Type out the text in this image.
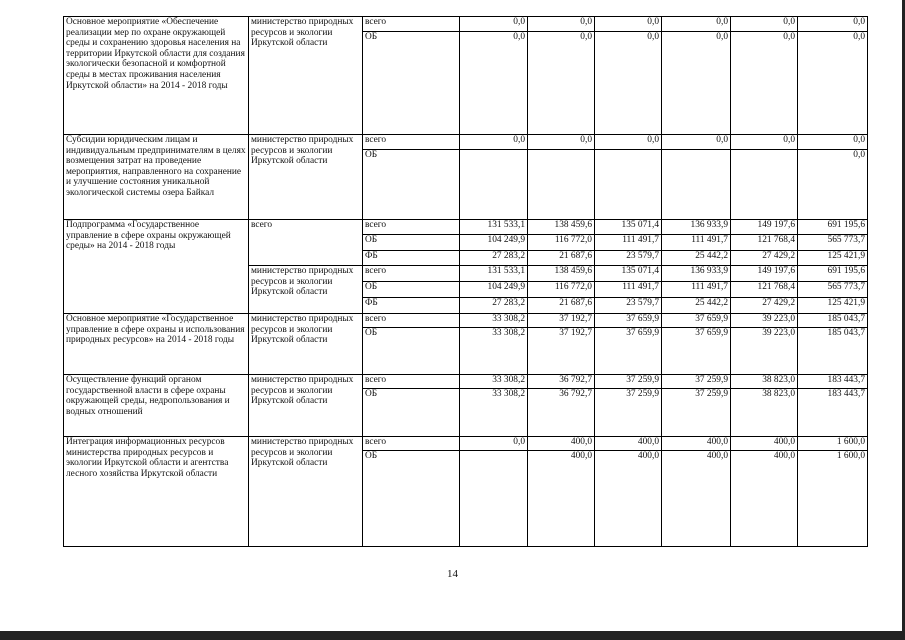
Основное мероприятие «Обеспечение реализации мер по охране окружающей среды и сохранению здоровья населения на территории Иркутской области для создания экологически безопасной и комфортной среды в местах проживания населения Иркутской области» на 2014 - 2018 годы	министерство природных ресурсов и экологии Иркутской области	всего	0,0	0,0	0,0	0,0	0,0	0,0
		ОБ	0,0	0,0	0,0	0,0	0,0	0,0
Субсидии юридическим лицам и индивидуальным предпринимателям в целях возмещения затрат на проведение мероприятия, направленного на сохранение и улучшение состояния уникальной экологической системы озера Байкал	министерство природных ресурсов и экологии Иркутской области	всего	0,0	0,0	0,0	0,0	0,0	0,0
		ОБ						0,0
Подпрограмма «Государственное управление в сфере охраны окружающей среды» на 2014 - 2018 годы	всего	всего	131 533,1	138 459,6	135 071,4	136 933,9	149 197,6	691 195,6
		ОБ	104 249,9	116 772,0	111 491,7	111 491,7	121 768,4	565 773,7
		ФБ	27 283,2	21 687,6	23 579,7	25 442,2	27 429,2	125 421,9
	министерство природных ресурсов и экологии Иркутской области	всего	131 533,1	138 459,6	135 071,4	136 933,9	149 197,6	691 195,6
		ОБ	104 249,9	116 772,0	111 491,7	111 491,7	121 768,4	565 773,7
		ФБ	27 283,2	21 687,6	23 579,7	25 442,2	27 429,2	125 421,9
Основное мероприятие «Государственное управление в сфере охраны и использования природных ресурсов» на 2014 - 2018 годы	министерство природных ресурсов и экологии Иркутской области	всего	33 308,2	37 192,7	37 659,9	37 659,9	39 223,0	185 043,7
		ОБ	33 308,2	37 192,7	37 659,9	37 659,9	39 223,0	185 043,7
Осуществление функций органом государственной власти в сфере охраны окружающей среды, недропользования и водных отношений	министерство природных ресурсов и экологии Иркутской области	всего	33 308,2	36 792,7	37 259,9	37 259,9	38 823,0	183 443,7
		ОБ	33 308,2	36 792,7	37 259,9	37 259,9	38 823,0	183 443,7
Интеграция информационных ресурсов министерства природных ресурсов и экологии Иркутской области и агентства лесного хозяйства Иркутской области	министерство природных ресурсов и экологии Иркутской области	всего	0,0	400,0	400,0	400,0	400,0	1 600,0
		ОБ		400,0	400,0	400,0	400,0	1 600,0
14
